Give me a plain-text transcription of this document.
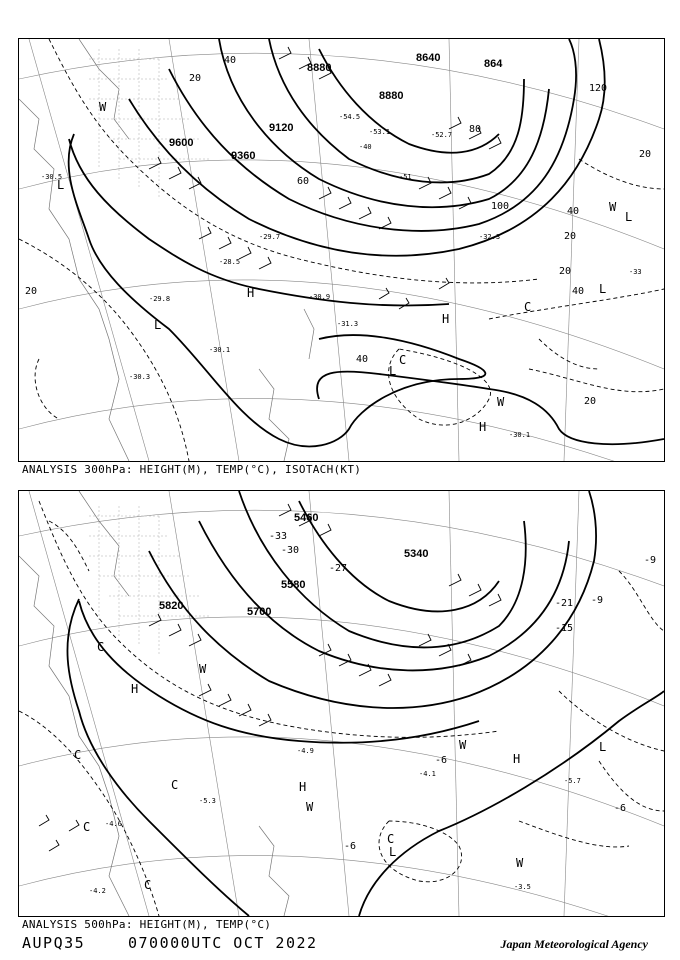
9600
9360
9120
8880
8880
8640	864
20
40
60
80
100
120
20
40
20
40
20
40
20
20
-30.5
-29.8
-28.5
-30.1
-30.3
-31.3
-32.3
-33
-30.9
-29.7
-30.1
-40
-51
-54.5
-53.1	-52.7
H
H
H
L
L
L
L
L
C
C
W
W
W
ANALYSIS 300hPa: HEIGHT(M), TEMP(°C), ISOTACH(KT)
5820	5700
5580
5460
5340
-33
-30
-27
-21
-15
-9
-6
-6
-9
-6
-3.5
-4.1
-5.7
-4.9
-5.3
-4.6
-4.2
H
H
H
L
L
C
C
C
C
C
C
W
W
W
W
ANALYSIS 500hPa: HEIGHT(M), TEMP(°C)
AUPQ35	070000UTC OCT 2022	Japan Meteorological Agency
